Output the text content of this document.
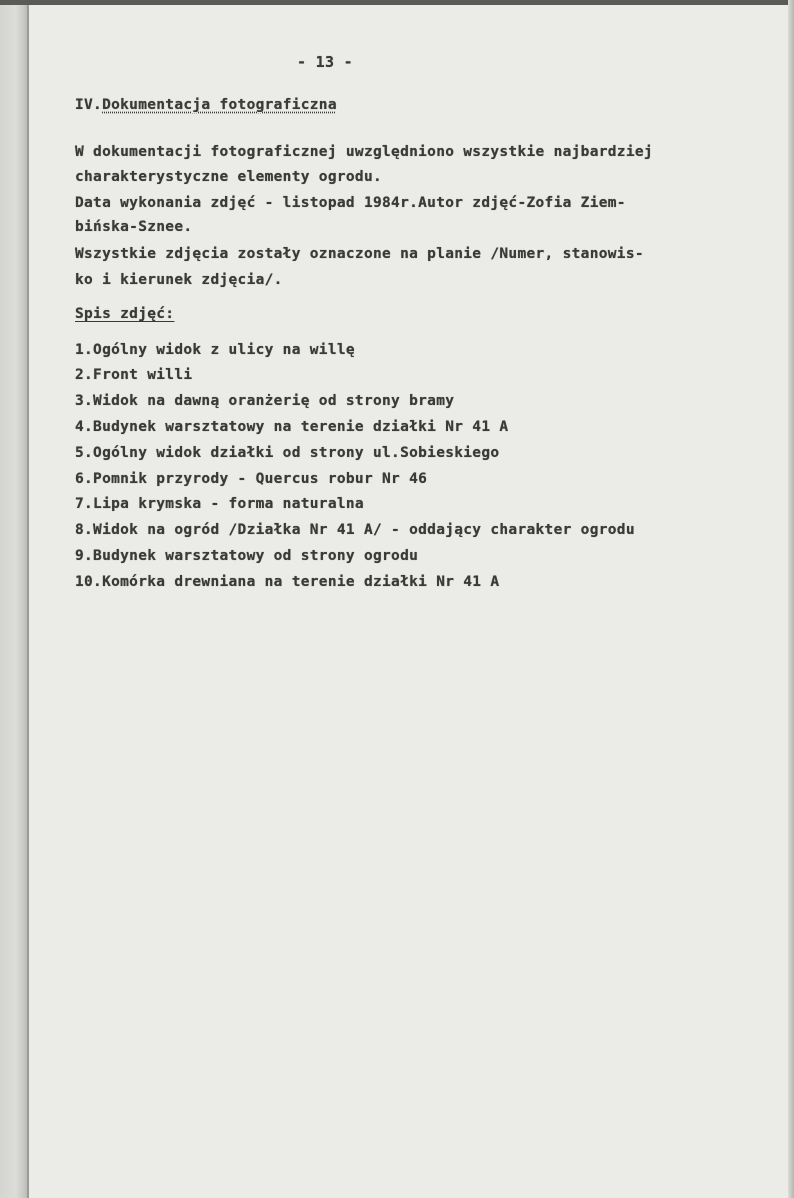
- 13 -
IV.Dokumentacja fotograficzna
W dokumentacji fotograficznej uwzględniono wszystkie najbardziej
charakterystyczne elementy ogrodu.
Data wykonania zdjęć - listopad 1984r.Autor zdjęć-Zofia Ziem-
bińska-Sznee.
Wszystkie zdjęcia zostały oznaczone na planie /Numer, stanowis-
ko i kierunek zdjęcia/.
Spis zdjęć:
1.Ogólny widok z ulicy na willę
2.Front willi
3.Widok na dawną oranżerię od strony bramy
4.Budynek warsztatowy na terenie działki Nr 41 A
5.Ogólny widok działki od strony ul.Sobieskiego
6.Pomnik przyrody - Quercus robur Nr 46
7.Lipa krymska - forma naturalna
8.Widok na ogród /Działka Nr 41 A/ - oddający charakter ogrodu
9.Budynek warsztatowy od strony ogrodu
10.Komórka drewniana na terenie działki Nr 41 A
